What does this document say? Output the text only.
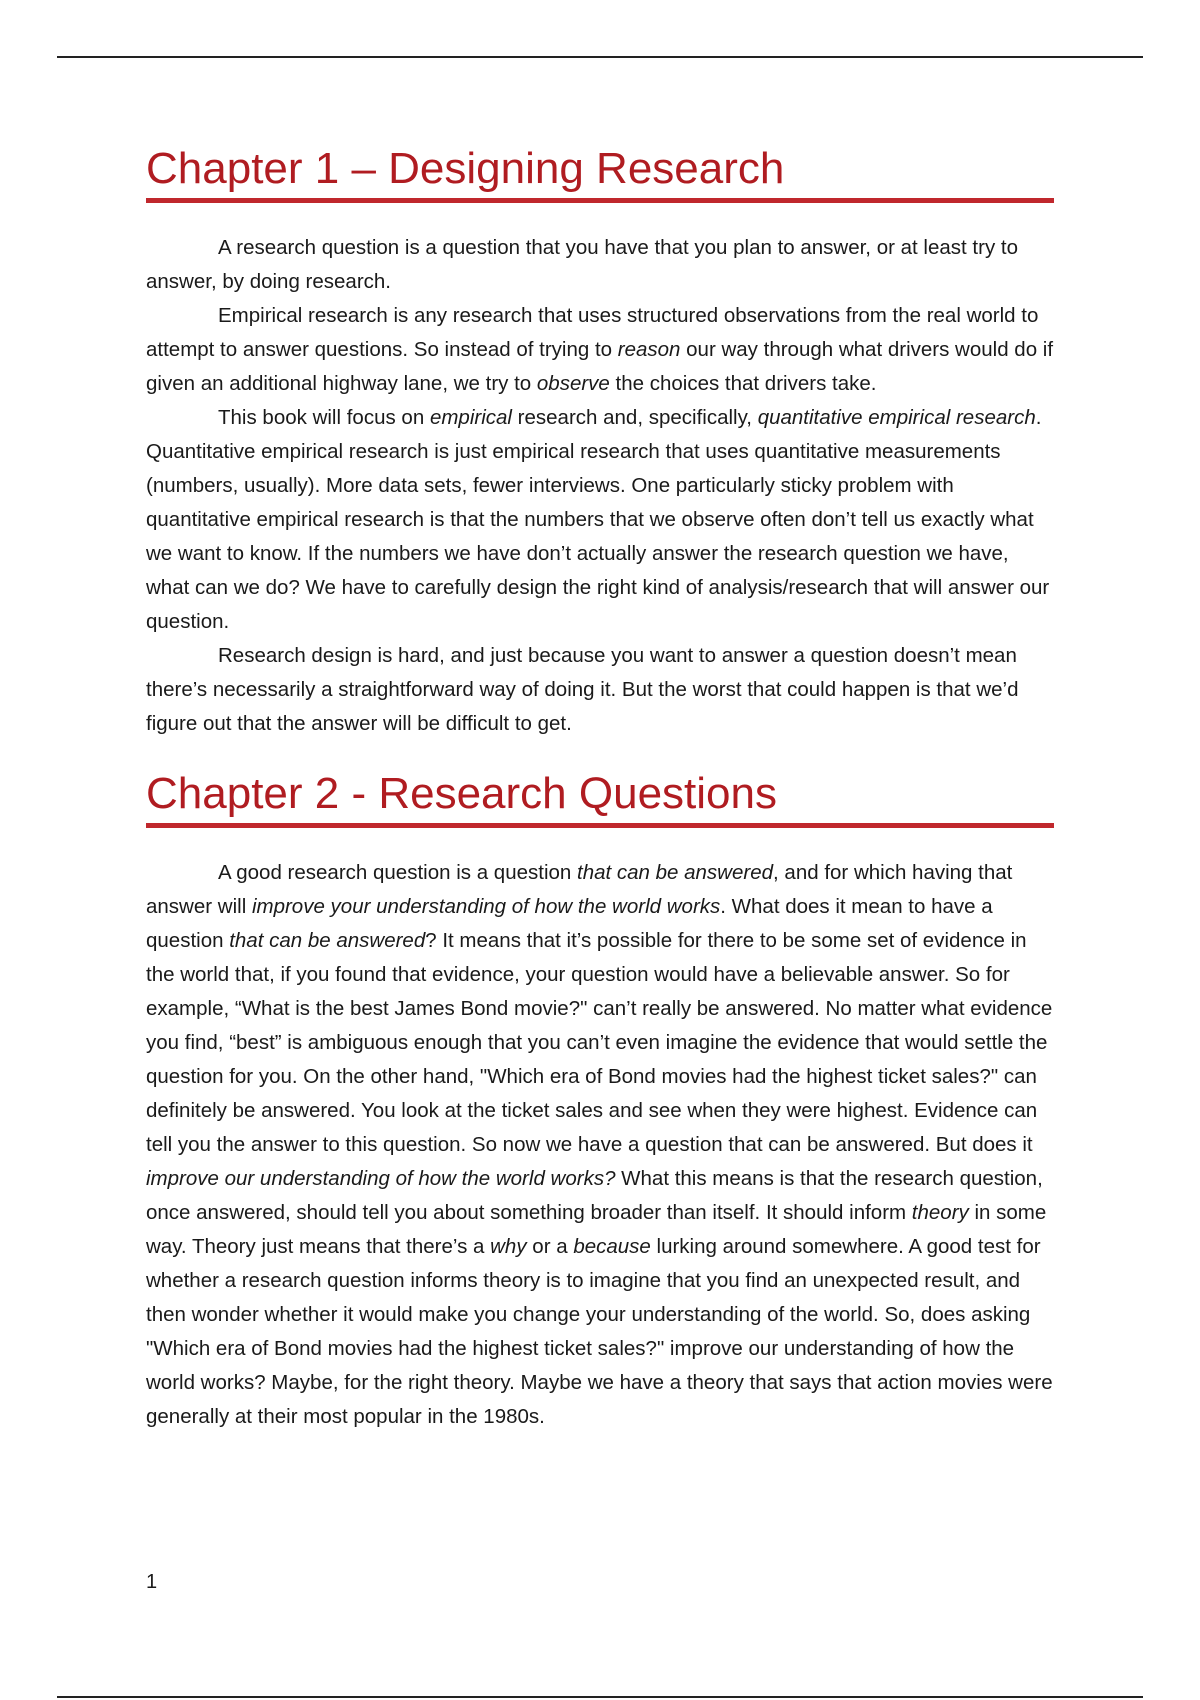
Chapter 1 – Designing Research

A research question is a question that you have that you plan to answer, or at least try to answer, by doing research.

Empirical research is any research that uses structured observations from the real world to attempt to answer questions. So instead of trying to reason our way through what drivers would do if given an additional highway lane, we try to observe the choices that drivers take.

This book will focus on empirical research and, specifically, quantitative empirical research. Quantitative empirical research is just empirical research that uses quantitative measurements (numbers, usually). More data sets, fewer interviews. One particularly sticky problem with quantitative empirical research is that the numbers that we observe often don’t tell us exactly what we want to know. If the numbers we have don’t actually answer the research question we have, what can we do? We have to carefully design the right kind of analysis/research that will answer our question.

Research design is hard, and just because you want to answer a question doesn’t mean there’s necessarily a straightforward way of doing it. But the worst that could happen is that we’d figure out that the answer will be difficult to get.

Chapter 2 - Research Questions

A good research question is a question that can be answered, and for which having that answer will improve your understanding of how the world works. What does it mean to have a question that can be answered? It means that it’s possible for there to be some set of evidence in the world that, if you found that evidence, your question would have a believable answer. So for example, “What is the best James Bond movie?" can’t really be answered. No matter what evidence you find, “best” is ambiguous enough that you can’t even imagine the evidence that would settle the question for you. On the other hand, "Which era of Bond movies had the highest ticket sales?" can definitely be answered. You look at the ticket sales and see when they were highest. Evidence can tell you the answer to this question. So now we have a question that can be answered. But does it improve our understanding of how the world works? What this means is that the research question, once answered, should tell you about something broader than itself. It should inform theory in some way. Theory just means that there’s a why or a because lurking around somewhere. A good test for whether a research question informs theory is to imagine that you find an unexpected result, and then wonder whether it would make you change your understanding of the world. So, does asking "Which era of Bond movies had the highest ticket sales?" improve our understanding of how the world works? Maybe, for the right theory. Maybe we have a theory that says that action movies were generally at their most popular in the 1980s.

1
